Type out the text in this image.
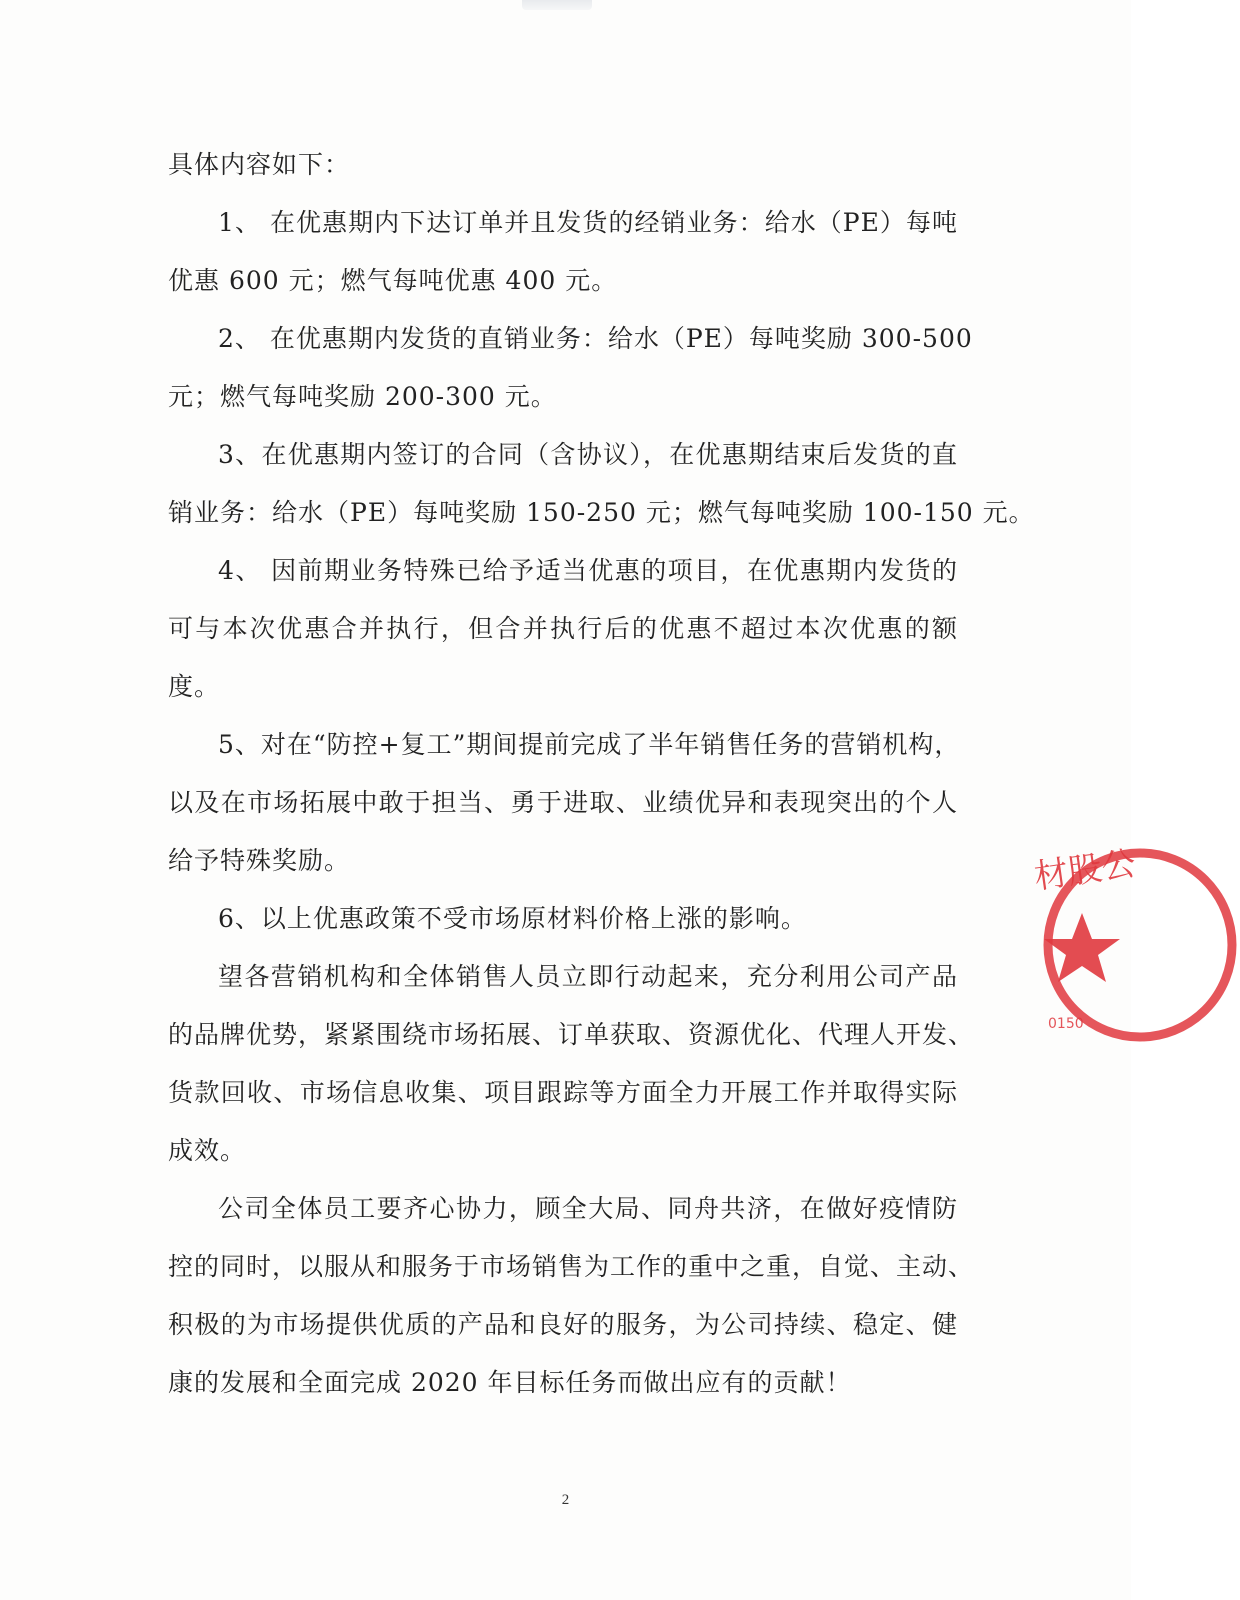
具体内容如下：
1、 在优惠期内下达订单并且发货的经销业务：给水（PE）每吨
优惠 600 元；燃气每吨优惠 400 元。
2、 在优惠期内发货的直销业务：给水（PE）每吨奖励 300-500
元；燃气每吨奖励 200-300 元。
3、在优惠期内签订的合同（含协议），在优惠期结束后发货的直
销业务：给水（PE）每吨奖励 150-250 元；燃气每吨奖励 100-150 元。
4、 因前期业务特殊已给予适当优惠的项目，在优惠期内发货的
可与本次优惠合并执行，但合并执行后的优惠不超过本次优惠的额
度。
5、对在“防控+复工”期间提前完成了半年销售任务的营销机构，
以及在市场拓展中敢于担当、勇于进取、业绩优异和表现突出的个人
给予特殊奖励。
6、以上优惠政策不受市场原材料价格上涨的影响。
望各营销机构和全体销售人员立即行动起来，充分利用公司产品
的品牌优势，紧紧围绕市场拓展、订单获取、资源优化、代理人开发、
货款回收、市场信息收集、项目跟踪等方面全力开展工作并取得实际
成效。
公司全体员工要齐心协力，顾全大局、同舟共济，在做好疫情防
控的同时，以服从和服务于市场销售为工作的重中之重，自觉、主动、
积极的为市场提供优质的产品和良好的服务，为公司持续、稳定、健
康的发展和全面完成 2020 年目标任务而做出应有的贡献！
2
材股公
0150
